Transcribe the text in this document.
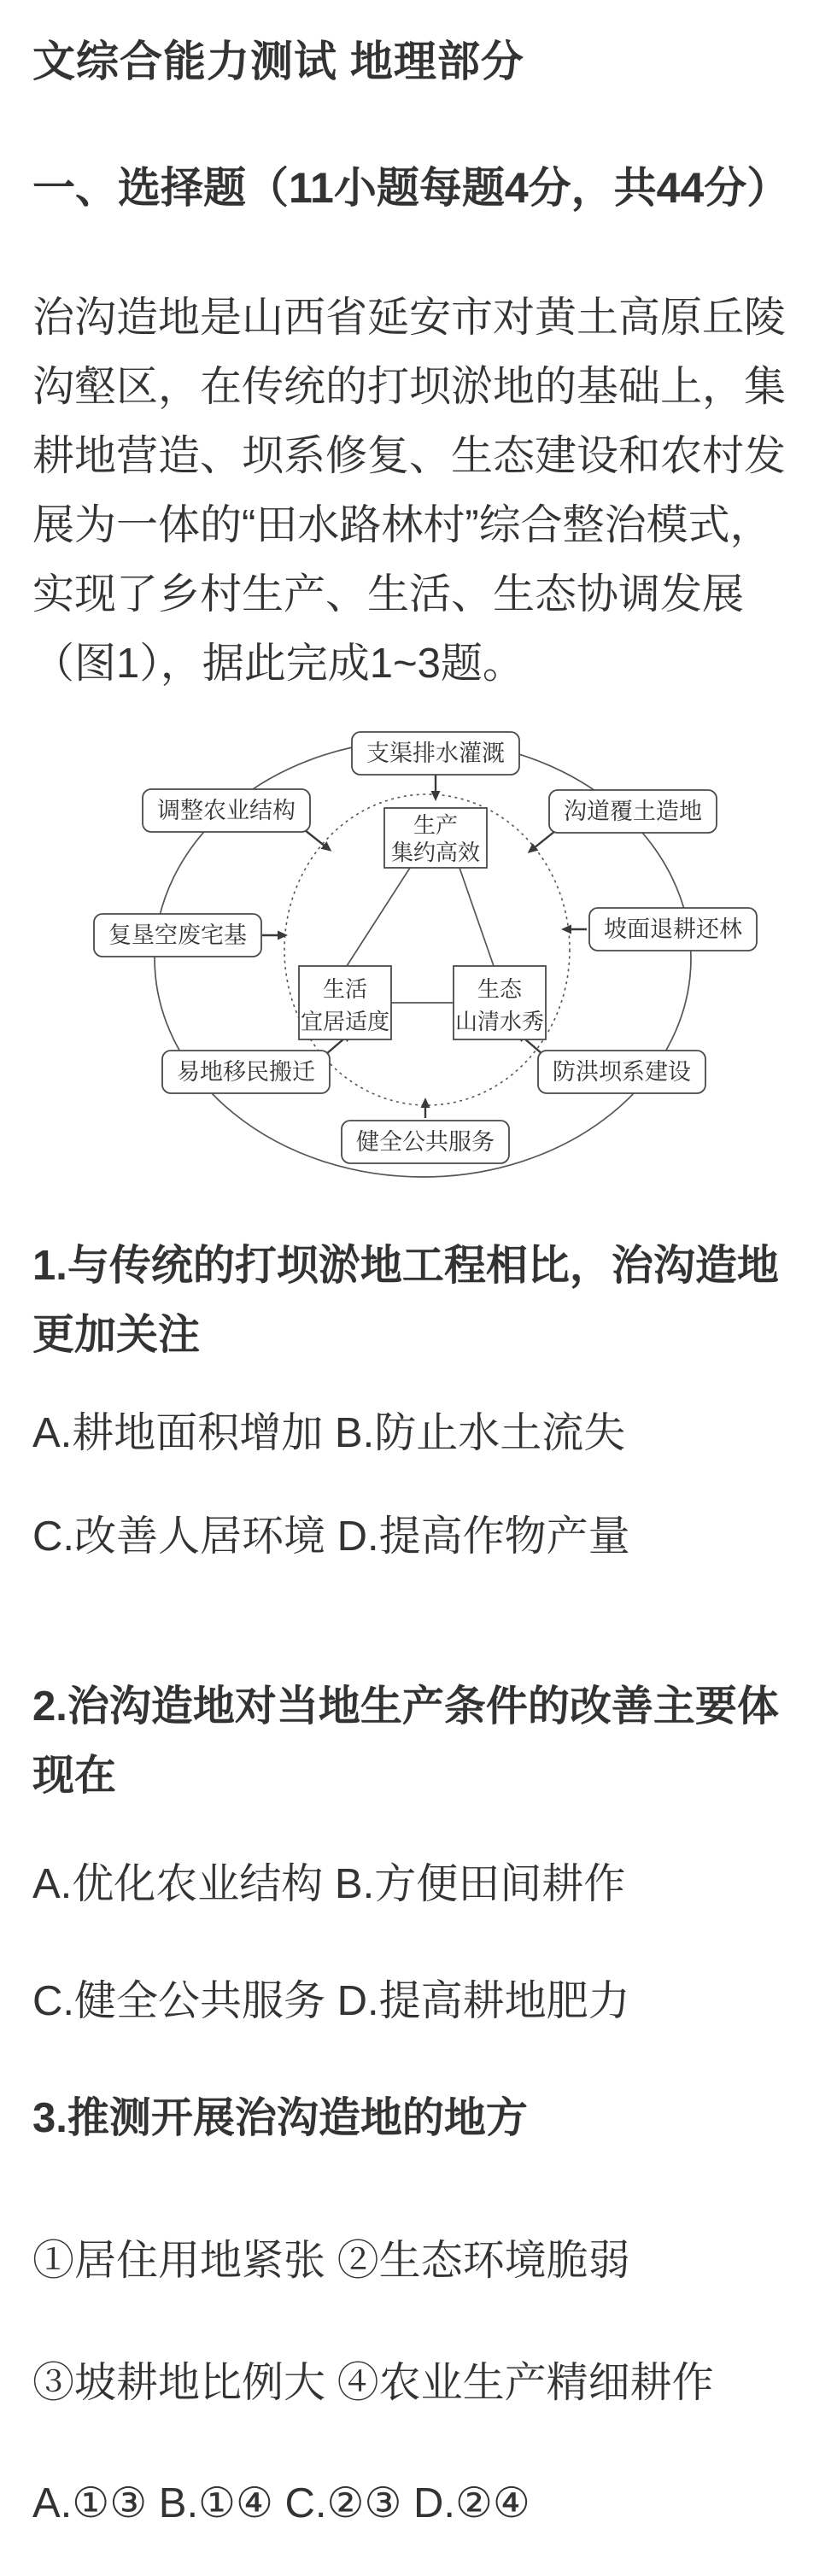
文综合能力测试 地理部分
一、选择题（11小题每题4分，共44分）
治沟造地是山西省延安市对黄土高原丘陵
沟壑区，在传统的打坝淤地的基础上，集
耕地营造、坝系修复、生态建设和农村发
展为一体的“田水路林村”综合整治模式，
实现了乡村生产、生活、生态协调发展
（图1），据此完成1~3题。
支渠排水灌溉
调整农业结构	沟道覆土造地
复垦空废宅基	坡面退耕还林
易地移民搬迁	防洪坝系建设
健全公共服务
生产
集约高效
生活
宜居适度
生态
山清水秀
1.与传统的打坝淤地工程相比，治沟造地
更加关注
A.耕地面积增加 B.防止水土流失
C.改善人居环境 D.提高作物产量
2.治沟造地对当地生产条件的改善主要体
现在
A.优化农业结构 B.方便田间耕作
C.健全公共服务 D.提高耕地肥力
3.推测开展治沟造地的地方
①居住用地紧张 ②生态环境脆弱
③坡耕地比例大 ④农业生产精细耕作
A.①③ B.①④ C.②③ D.②④
